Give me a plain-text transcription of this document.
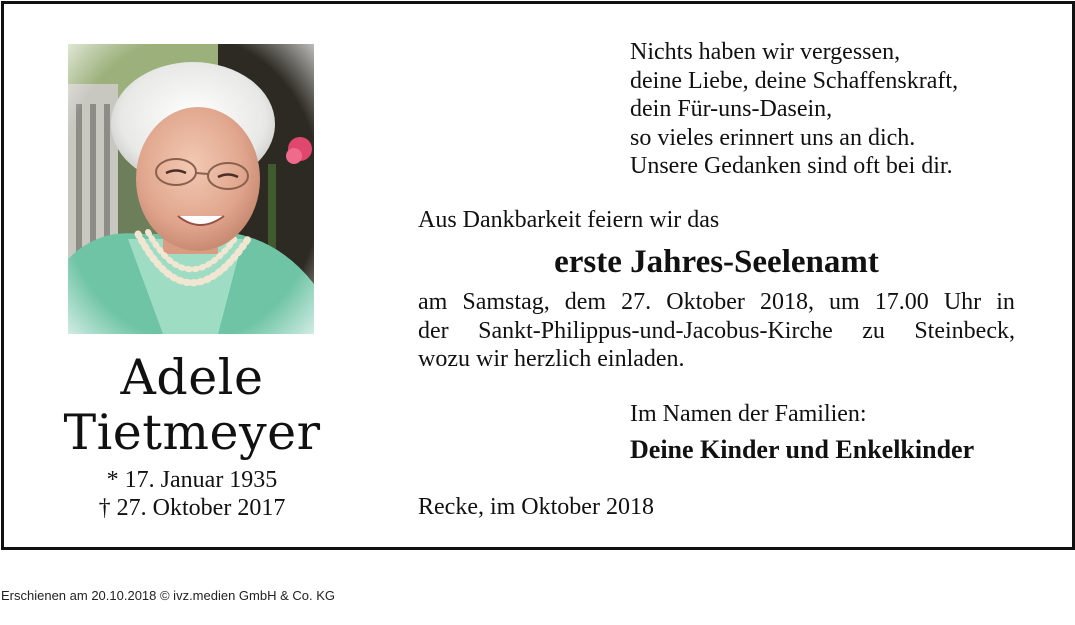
Adele
Tietmeyer
* 17. Januar 1935
† 27. Oktober 2017
Nichts haben wir vergessen,
deine Liebe, deine Schaffenskraft,
dein Für-uns-Dasein,
so vieles erinnert uns an dich.
Unsere Gedanken sind oft bei dir.
Aus Dankbarkeit feiern wir das
erste Jahres-Seelenamt
am Samstag, dem 27. Oktober 2018, um 17.00 Uhr in
der Sankt-Philippus-und-Jacobus-Kirche zu Steinbeck,
wozu wir herzlich einladen.
Im Namen der Familien:
Deine Kinder und Enkelkinder
Recke, im Oktober 2018
Erschienen am 20.10.2018 © ivz.medien GmbH & Co. KG
